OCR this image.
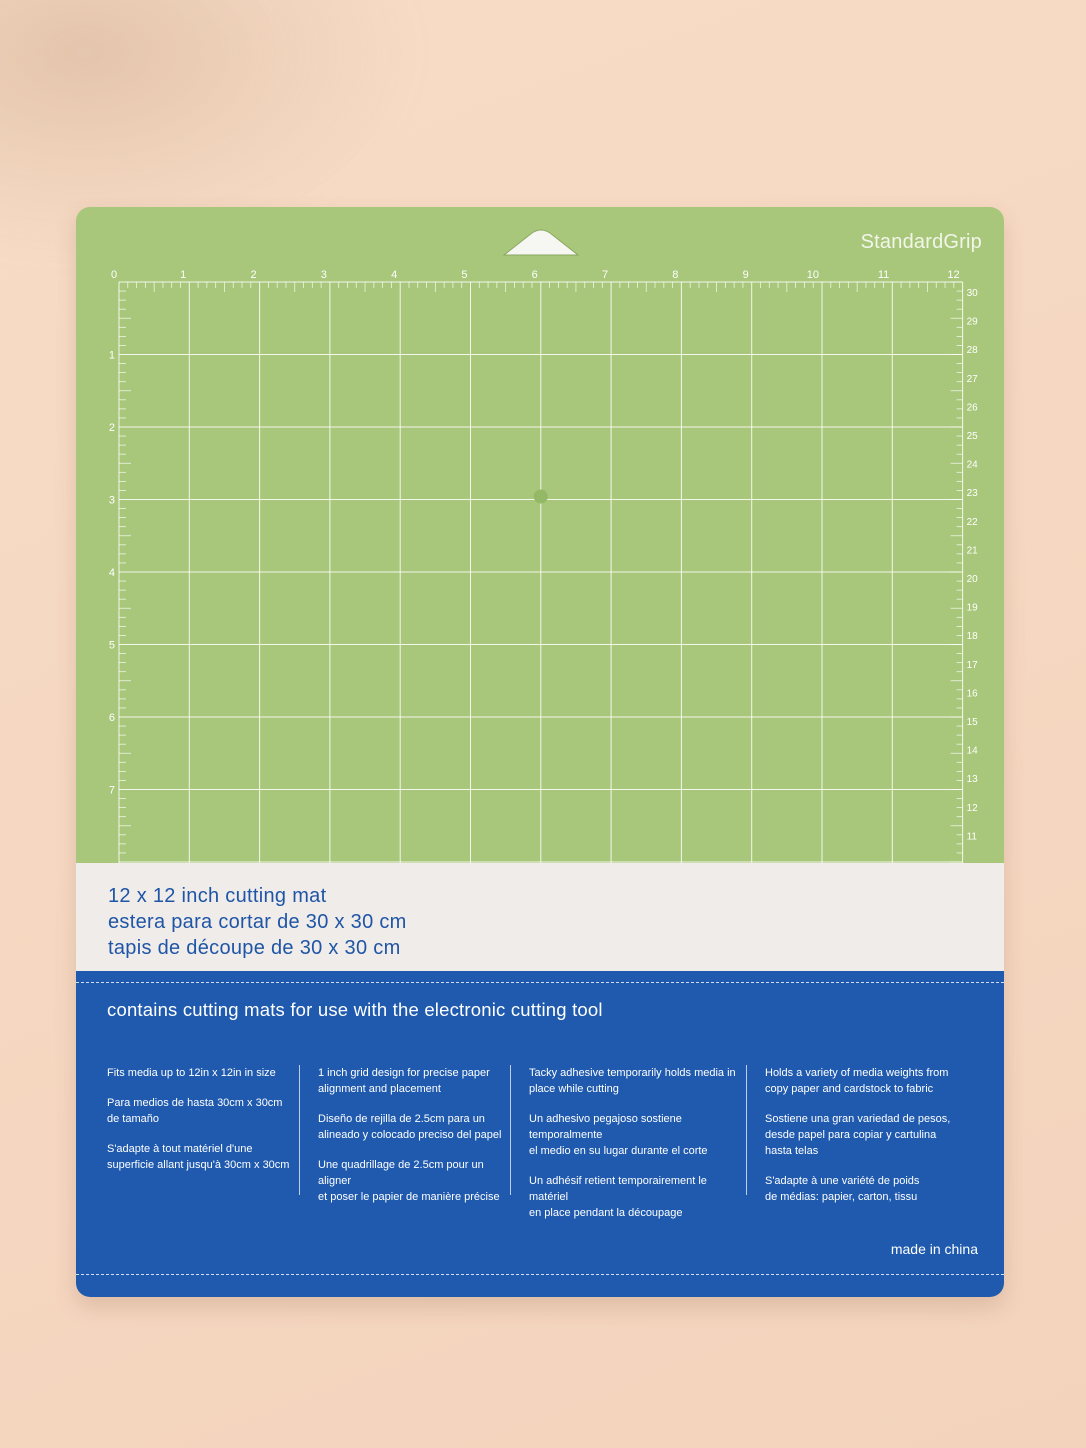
0	1	2	3	4	5	6	7	8	9	10	11	12
1
2
3
4
5
6
7
30
29
28
27
26
25
24
23
22
21
20
19
18
17
16
15
14
13
12
11
StandardGrip
12 x 12 inch cutting mat
estera para cortar de 30 x 30 cm
tapis de découpe de 30 x 30 cm
contains cutting mats for use with the electronic cutting tool

Fits media up to 12in x 12in in size

Para medios de hasta 30cm x 30cm
de tamaño

S'adapte à tout matériel d'une
superficie allant jusqu'à 30cm x 30cm

1 inch grid design for precise paper
alignment and placement

Diseño de rejilla de 2.5cm para un
alineado y colocado preciso del papel

Une quadrillage de 2.5cm pour un aligner
et poser le papier de manière précise

Tacky adhesive temporarily holds media in
place while cutting

Un adhesivo pegajoso sostiene temporalmente
el medio en su lugar durante el corte

Un adhésif retient temporairement le matériel
en place pendant la découpage

Holds a variety of media weights from
copy paper and cardstock to fabric

Sostiene una gran variedad de pesos,
desde papel para copiar y cartulina
hasta telas

S'adapte à une variété de poids
de médias: papier, carton, tissu

made in china
